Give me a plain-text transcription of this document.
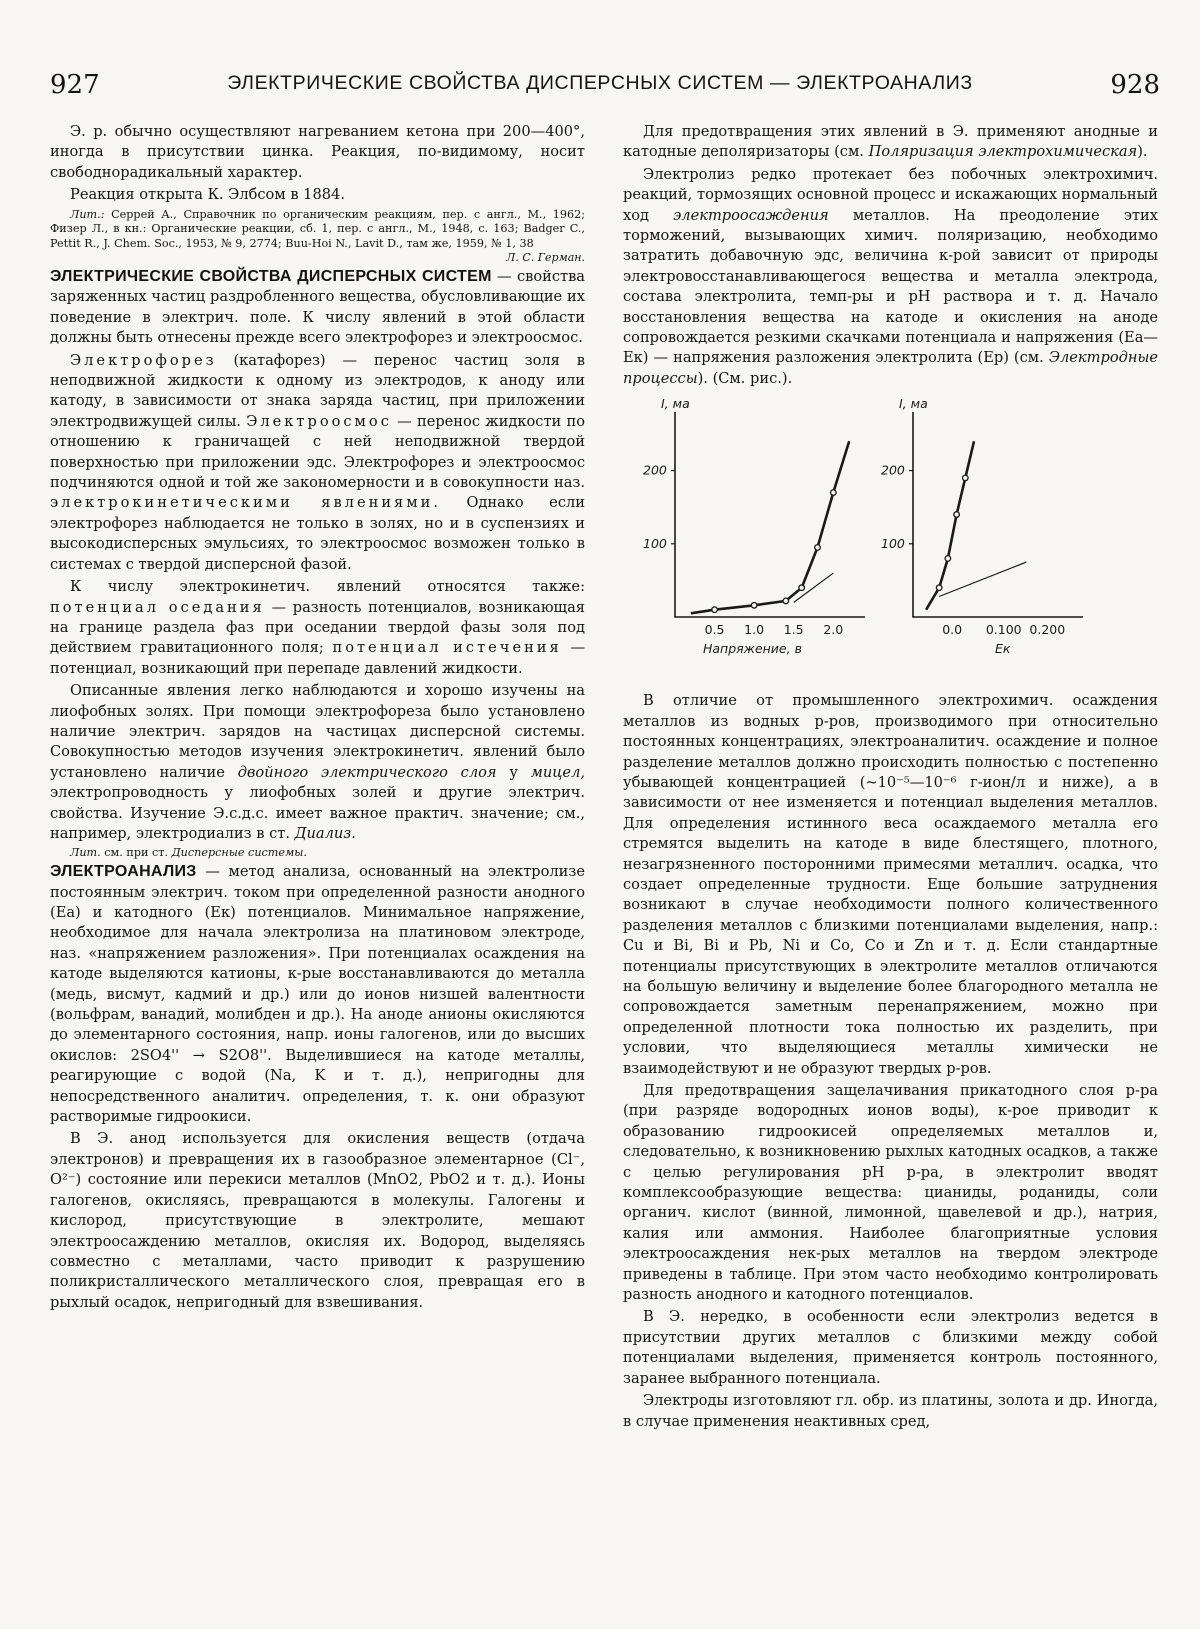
927	ЭЛЕКТРИЧЕСКИЕ СВОЙСТВА ДИСПЕРСНЫХ СИСТЕМ — ЭЛЕКТРОАНАЛИЗ	928

Э. р. обычно осуществляют нагреванием кетона при 200—400°, иногда в присутствии цинка. Реакция, по-видимому, носит свободнорадикальный характер.

Реакция открыта К. Элбсом в 1884.

Лит.: Серрей А., Справочник по органическим реакциям, пер. с англ., М., 1962; Физер Л., в кн.: Органические реакции, сб. 1, пер. с англ., М., 1948, с. 163; Badger C., Pettit R., J. Chem. Soc., 1953, № 9, 2774; Buu-Hoi N., Lavit D., там же, 1959, № 1, 38

Л. С. Герман.

ЭЛЕКТРИЧЕСКИЕ СВОЙСТВА ДИСПЕРСНЫХ СИСТЕМ — свойства заряженных частиц раздробленного вещества, обусловливающие их поведение в электрич. поле. К числу явлений в этой области должны быть отнесены прежде всего электрофорез и электроосмос.

Электрофорез (катафорез) — перенос частиц золя в неподвижной жидкости к одному из электродов, к аноду или катоду, в зависимости от знака заряда частиц, при приложении электродвижущей силы. Электроосмос — перенос жидкости по отношению к граничащей с ней неподвижной твердой поверхностью при приложении эдс. Электрофорез и электроосмос подчиняются одной и той же закономерности и в совокупности наз. электрокинетическими явлениями. Однако если электрофорез наблюдается не только в золях, но и в суспензиях и высокодисперсных эмульсиях, то электроосмос возможен только в системах с твердой дисперсной фазой.

К числу электрокинетич. явлений относятся также: потенциал оседания — разность потенциалов, возникающая на границе раздела фаз при оседании твердой фазы золя под действием гравитационного поля; потенциал истечения — потенциал, возникающий при перепаде давлений жидкости.

Описанные явления легко наблюдаются и хорошо изучены на лиофобных золях. При помощи электрофореза было установлено наличие электрич. зарядов на частицах дисперсной системы. Совокупностью методов изучения электрокинетич. явлений было установлено наличие двойного электрического слоя у мицел, электропроводность у лиофобных золей и другие электрич. свойства. Изучение Э.с.д.с. имеет важное практич. значение; см., например, электродиализ в ст. Диализ.

Лит. см. при ст. Дисперсные системы.

ЭЛЕКТРОАНАЛИЗ — метод анализа, основанный на электролизе постоянным электрич. током при определенной разности анодного (Ea) и катодного (Eк) потенциалов. Минимальное напряжение, необходимое для начала электролиза на платиновом электроде, наз. «напряжением разложения». При потенциалах осаждения на катоде выделяются катионы, к-рые восстанавливаются до металла (медь, висмут, кадмий и др.) или до ионов низшей валентности (вольфрам, ванадий, молибден и др.). На аноде анионы окисляются до элементарного состояния, напр. ионы галогенов, или до высших окислов: 2SO4'' → S2O8''. Выделившиеся на катоде металлы, реагирующие с водой (Na, K и т. д.), непригодны для непосредственного аналитич. определения, т. к. они образуют растворимые гидроокиси.

В Э. анод используется для окисления веществ (отдача электронов) и превращения их в газообразное элементарное (Cl⁻, O²⁻) состояние или перекиси металлов (MnO2, PbO2 и т. д.). Ионы галогенов, окисляясь, превращаются в молекулы. Галогены и кислород, присутствующие в электролите, мешают электроосаждению металлов, окисляя их. Водород, выделяясь совместно с металлами, часто приводит к разрушению поликристаллического металлического слоя, превращая его в рыхлый осадок, непригодный для взвешивания.

Для предотвращения этих явлений в Э. применяют анодные и катодные деполяризаторы (см. Поляризация электрохимическая).

Электролиз редко протекает без побочных электрохимич. реакций, тормозящих основной процесс и искажающих нормальный ход электроосаждения металлов. На преодоление этих торможений, вызывающих химич. поляризацию, необходимо затратить добавочную эдс, величина к-рой зависит от природы электровосстанавливающегося вещества и металла электрода, состава электролита, темп-ры и pH раствора и т. д. Начало восстановления вещества на катоде и окисления на аноде сопровождается резкими скачками потенциала и напряжения (Ea—Eк) — напряжения разложения электролита (Ep) (см. Электродные процессы). (См. рис.).

I, ма
100
200
0.5 1.0 1.5 2.0
Напряжение, в
I, ма
100
200
0.0 0.100 0.200
Eк

В отличие от промышленного электрохимич. осаждения металлов из водных р-ров, производимого при относительно постоянных концентрациях, электроаналитич. осаждение и полное разделение металлов должно происходить полностью с постепенно убывающей концентрацией (~10⁻⁵—10⁻⁶ г-ион/л и ниже), а в зависимости от нее изменяется и потенциал выделения металлов. Для определения истинного веса осаждаемого металла его стремятся выделить на катоде в виде блестящего, плотного, незагрязненного посторонними примесями металлич. осадка, что создает определенные трудности. Еще большие затруднения возникают в случае необходимости полного количественного разделения металлов с близкими потенциалами выделения, напр.: Cu и Bi, Bi и Pb, Ni и Co, Co и Zn и т. д. Если стандартные потенциалы присутствующих в электролите металлов отличаются на большую величину и выделение более благородного металла не сопровождается заметным перенапряжением, можно при определенной плотности тока полностью их разделить, при условии, что выделяющиеся металлы химически не взаимодействуют и не образуют твердых р-ров.

Для предотвращения защелачивания прикатодного слоя р-ра (при разряде водородных ионов воды), к-рое приводит к образованию гидроокисей определяемых металлов и, следовательно, к возникновению рыхлых катодных осадков, а также с целью регулирования pH р-ра, в электролит вводят комплексообразующие вещества: цианиды, роданиды, соли органич. кислот (винной, лимонной, щавелевой и др.), натрия, калия или аммония. Наиболее благоприятные условия электроосаждения нек-рых металлов на твердом электроде приведены в таблице. При этом часто необходимо контролировать разность анодного и катодного потенциалов.

В Э. нередко, в особенности если электролиз ведется в присутствии других металлов с близкими между собой потенциалами выделения, применяется контроль постоянного, заранее выбранного потенциала.

Электроды изготовляют гл. обр. из платины, золота и др. Иногда, в случае применения неактивных сред,
